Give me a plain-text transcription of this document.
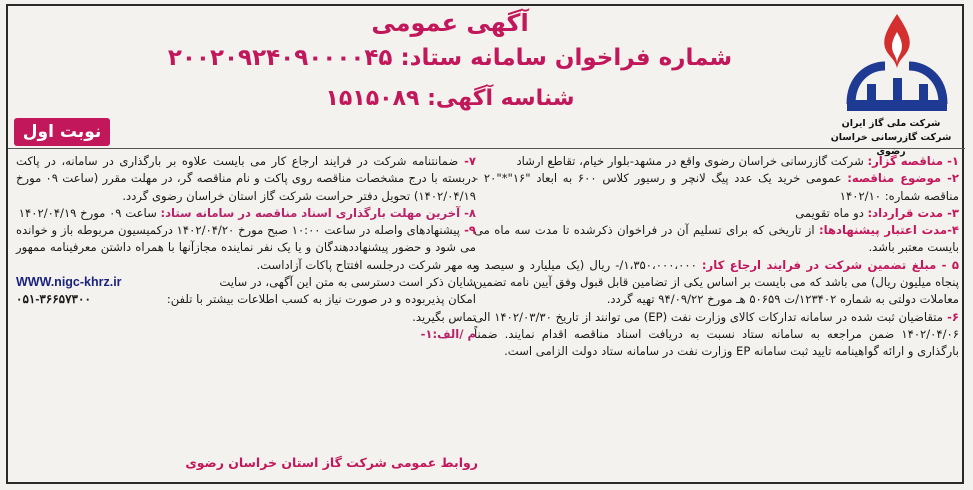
آگهی عمومی
شماره فراخوان سامانه ستاد: ۲۰۰۲۰۹۲۴۰۹۰۰۰۰۴۵
شناسه آگهی: ۱۵۱۵۰۸۹
شرکت ملی گاز ایران
شرکت گازرسانی خراسان رضوی
نوبت اول

۱- مناقصه گزار: شرکت گازرسانی خراسان رضوی واقع در مشهد-بلوار خیام، تقاطع ارشاد

۲- موضوع مناقصه: عمومی خرید یک عدد پیگ لانچر و رسیور کلاس ۶۰۰ به ابعاد "۱۶"*"۲۰ - مناقصه شماره: ۱۴۰۲/۱۰

۳- مدت قرارداد: دو ماه تقویمی

۴-مدت اعتبار پیشنهادها: از تاریخی که برای تسلیم آن در فراخوان ذکرشده تا مدت سه ماه می بایست معتبر باشد.

۵ - مبلغ تضمین شرکت در فرایند ارجاع کار: ۱،۳۵۰،۰۰۰،۰۰۰/- ریال (یک میلیارد و سیصد و پنجاه میلیون ریال) می باشد که می بایست بر اساس یکی از تضامین قابل قبول وفق آیین نامه تضمین معاملات دولتی به شماره ۱۲۳۴۰۲/ت ۵۰۶۵۹ هـ مورخ ۹۴/۰۹/۲۲ تهیه گردد.

۶- متقاضیان ثبت شده در سامانه تدارکات کالای وزارت نفت (EP) می توانند از تاریخ ۱۴۰۲/۰۳/۳۰ الی ۱۴۰۲/۰۴/۰۶ ضمن مراجعه به سامانه ستاد نسبت به دریافت اسناد مناقصه اقدام نمایند. ضمناً بارگذاری و ارائه گواهینامه تایید ثبت سامانه EP وزارت نفت در سامانه ستاد دولت الزامی است.

۷- ضمانتنامه شرکت در فرایند ارجاع کار می بایست علاوه بر بارگذاری در سامانه، در پاکت دربسته با درج مشخصات مناقصه روی پاکت و نام مناقصه گر، در مهلت مقرر (ساعت ۰۹ مورخ ۱۴۰۲/۰۴/۱۹) تحویل دفتر حراست شرکت گاز استان خراسان رضوی گردد.

۸- آخرین مهلت بارگذاری اسناد مناقصه در سامانه ستاد: ساعت ۰۹ مورخ ۱۴۰۲/۰۴/۱۹

۹- پیشنهادهای واصله در ساعت ۱۰:۰۰ صبح مورخ ۱۴۰۲/۰۴/۲۰ درکمیسیون مربوطه باز و خوانده می شود و حضور پیشنهاددهندگان و یا یک نفر نماینده مجازآنها با همراه داشتن معرفینامه ممهور به مهر شرکت درجلسه افتتاح پاکات آزاداست.

شایان ذکر است دسترسی به متن این آگهی، در سایت
WWW.nigc-khrz.ir

امکان پذیربوده و در صورت نیاز به کسب اطلاعات بیشتر با تلفن:
۰۵۱-۳۶۶۵۷۳۰۰

تماس بگیرید.

م /الف:۱-

روابط عمومی شرکت گاز استان خراسان رضوی
